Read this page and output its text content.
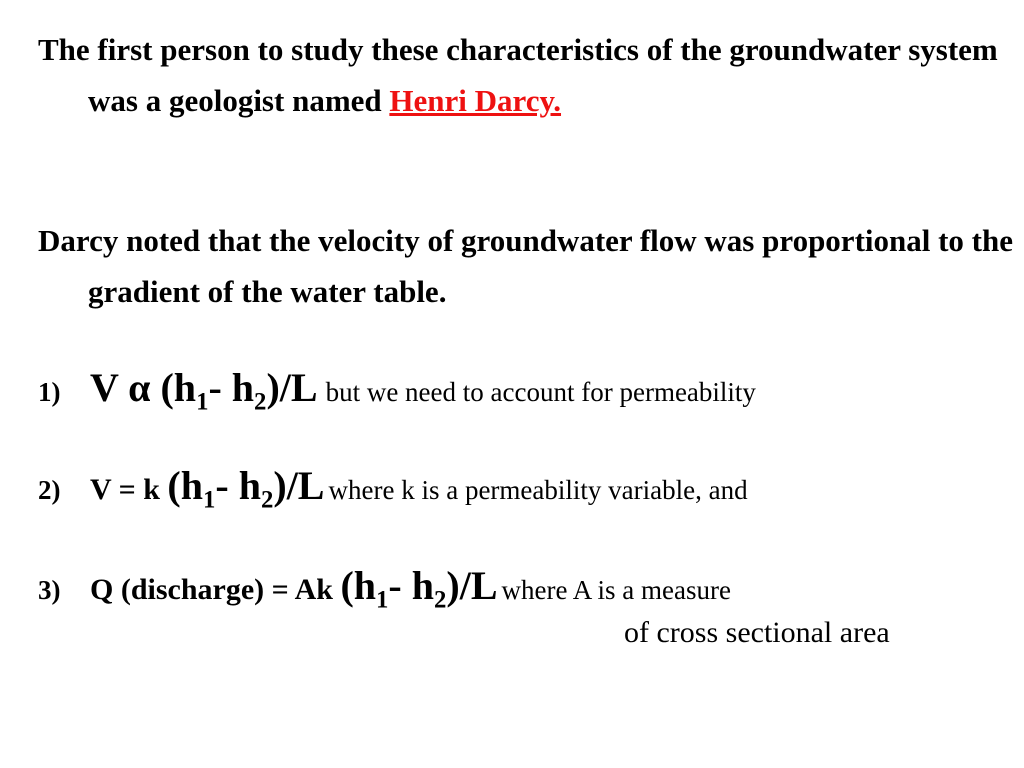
The first person to study these characteristics of the groundwater system was a geologist named Henri Darcy.

Darcy noted that the velocity of groundwater flow was proportional to the gradient of the water table.

1) V α ($h_1-$ $h_2)/L$ but we need to account for permeability
2) V = k ($h_1-$ $h_2)/L$ where k is a permeability variable, and
3) Q (discharge) = Ak ($h_1-$ $h_2)/L$ where A is a measure
of cross sectional area
